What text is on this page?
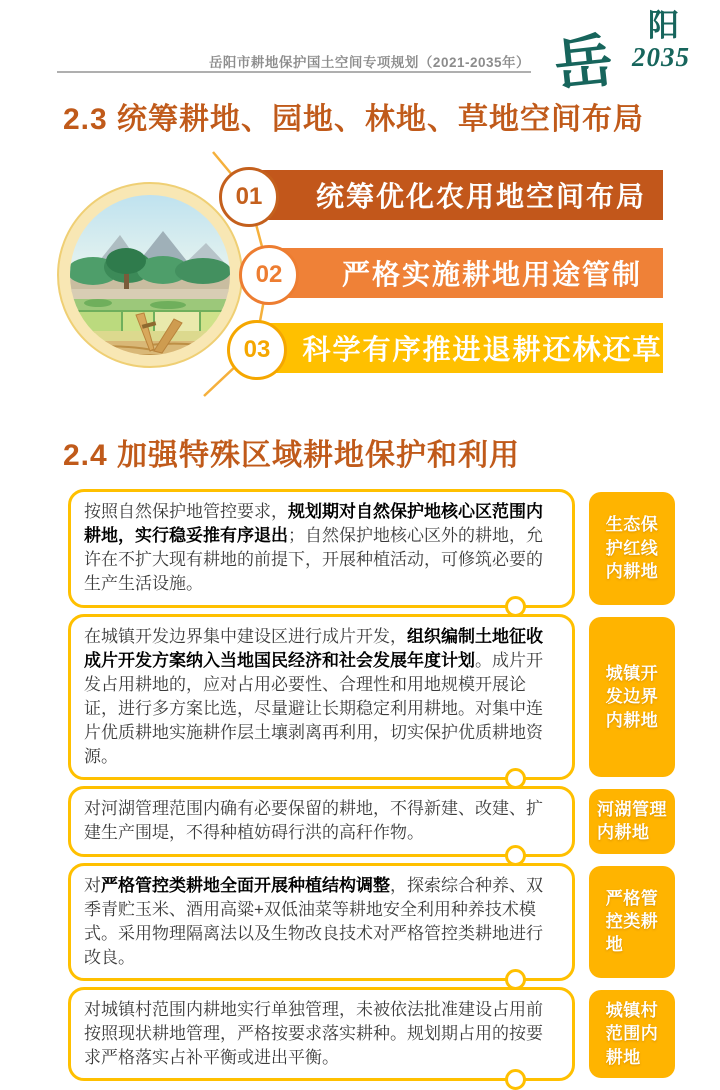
岳阳市耕地保护国土空间专项规划（2021-2035年） 岳
阳
2035
2.3 统筹耕地、园地、林地、草地空间布局
统筹优化农用地空间布局
严格实施耕地用途管制
科学有序推进退耕还林还草
01
02
03
2.4 加强特殊区域耕地保护和利用
按照自然保护地管控要求，规划期对自然保护地核心区范围内耕地，实行稳妥推有序退出；自然保护地核心区外的耕地，允许在不扩大现有耕地的前提下，开展种植活动，可修筑必要的生产生活设施。
生态保
护红线
内耕地
在城镇开发边界集中建设区进行成片开发，组织编制土地征收成片开发方案纳入当地国民经济和社会发展年度计划。成片开发占用耕地的，应对占用必要性、合理性和用地规模开展论证，进行多方案比选，尽量避让长期稳定利用耕地。对集中连片优质耕地实施耕作层土壤剥离再利用，切实保护优质耕地资源。
城镇开
发边界
内耕地
对河湖管理范围内确有必要保留的耕地，不得新建、改建、扩建生产围堤，不得种植妨碍行洪的高秆作物。
河湖管理
内耕地
对严格管控类耕地全面开展种植结构调整，探索综合种养、双季青贮玉米、酒用高粱+双低油菜等耕地安全利用种养技术模式。采用物理隔离法以及生物改良技术对严格管控类耕地进行改良。
严格管
控类耕
地
对城镇村范围内耕地实行单独管理，未被依法批准建设占用前按照现状耕地管理，严格按要求落实耕种。规划期占用的按要求严格落实占补平衡或进出平衡。
城镇村
范围内
耕地
